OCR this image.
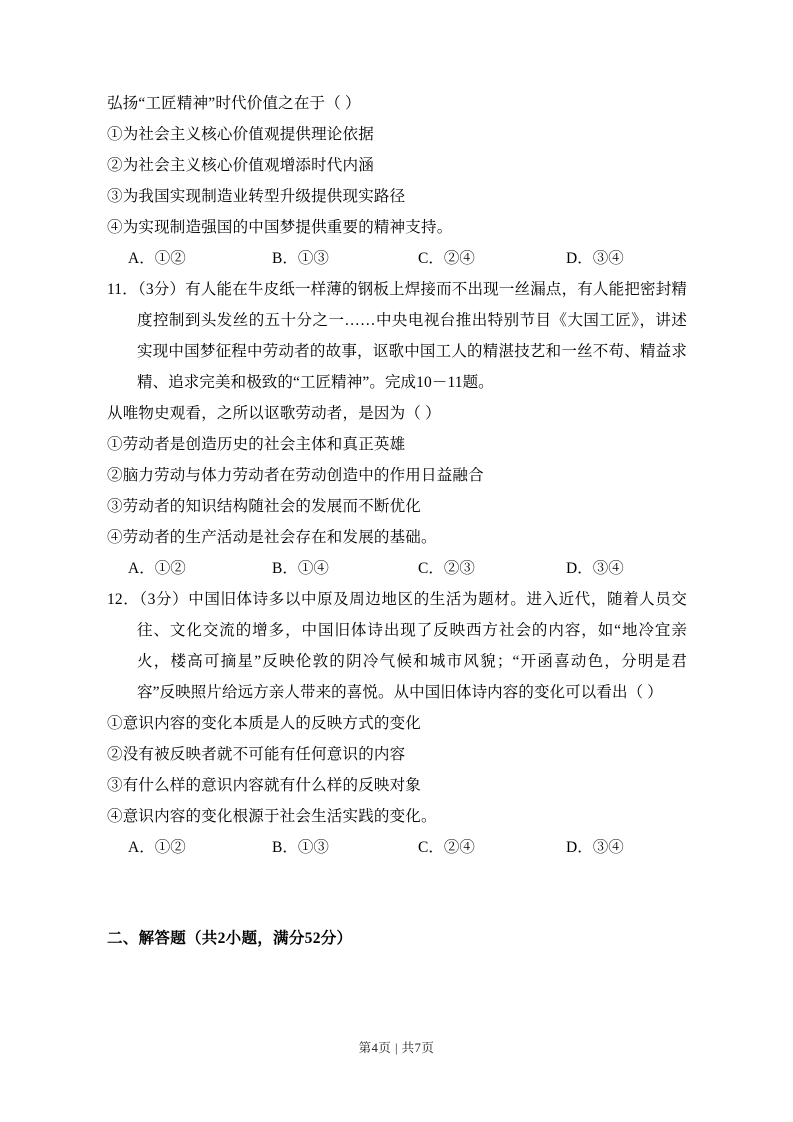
弘扬“工匠精神”时代价值之在于（ ）
①为社会主义核心价值观提供理论依据
②为社会主义核心价值观增添时代内涵
③为我国实现制造业转型升级提供现实路径
④为实现制造强国的中国梦提供重要的精神支持。
A．①②	B．①③	C．②④	D．③④
11．（3分）有人能在牛皮纸一样薄的钢板上焊接而不出现一丝漏点，有人能把密封精度控制到头发丝的五十分之一……中央电视台推出特别节目《大国工匠》，讲述实现中国梦征程中劳动者的故事，讴歌中国工人的精湛技艺和一丝不苟、精益求精、追求完美和极致的“工匠精神”。完成10－11题。
从唯物史观看，之所以讴歌劳动者，是因为（ ）
①劳动者是创造历史的社会主体和真正英雄
②脑力劳动与体力劳动者在劳动创造中的作用日益融合
③劳动者的知识结构随社会的发展而不断优化
④劳动者的生产活动是社会存在和发展的基础。
A．①②	B．①④	C．②③	D．③④
12．（3分）中国旧体诗多以中原及周边地区的生活为题材。进入近代，随着人员交往、文化交流的增多，中国旧体诗出现了反映西方社会的内容，如“地冷宜亲火，楼高可摘星”反映伦敦的阴冷气候和城市风貌；“开函喜动色，分明是君容”反映照片给远方亲人带来的喜悦。从中国旧体诗内容的变化可以看出（ ）
①意识内容的变化本质是人的反映方式的变化
②没有被反映者就不可能有任何意识的内容
③有什么样的意识内容就有什么样的反映对象
④意识内容的变化根源于社会生活实践的变化。
A．①②	B．①③	C．②④	D．③④
二、解答题（共2小题，满分52分）
第4页 | 共7页
